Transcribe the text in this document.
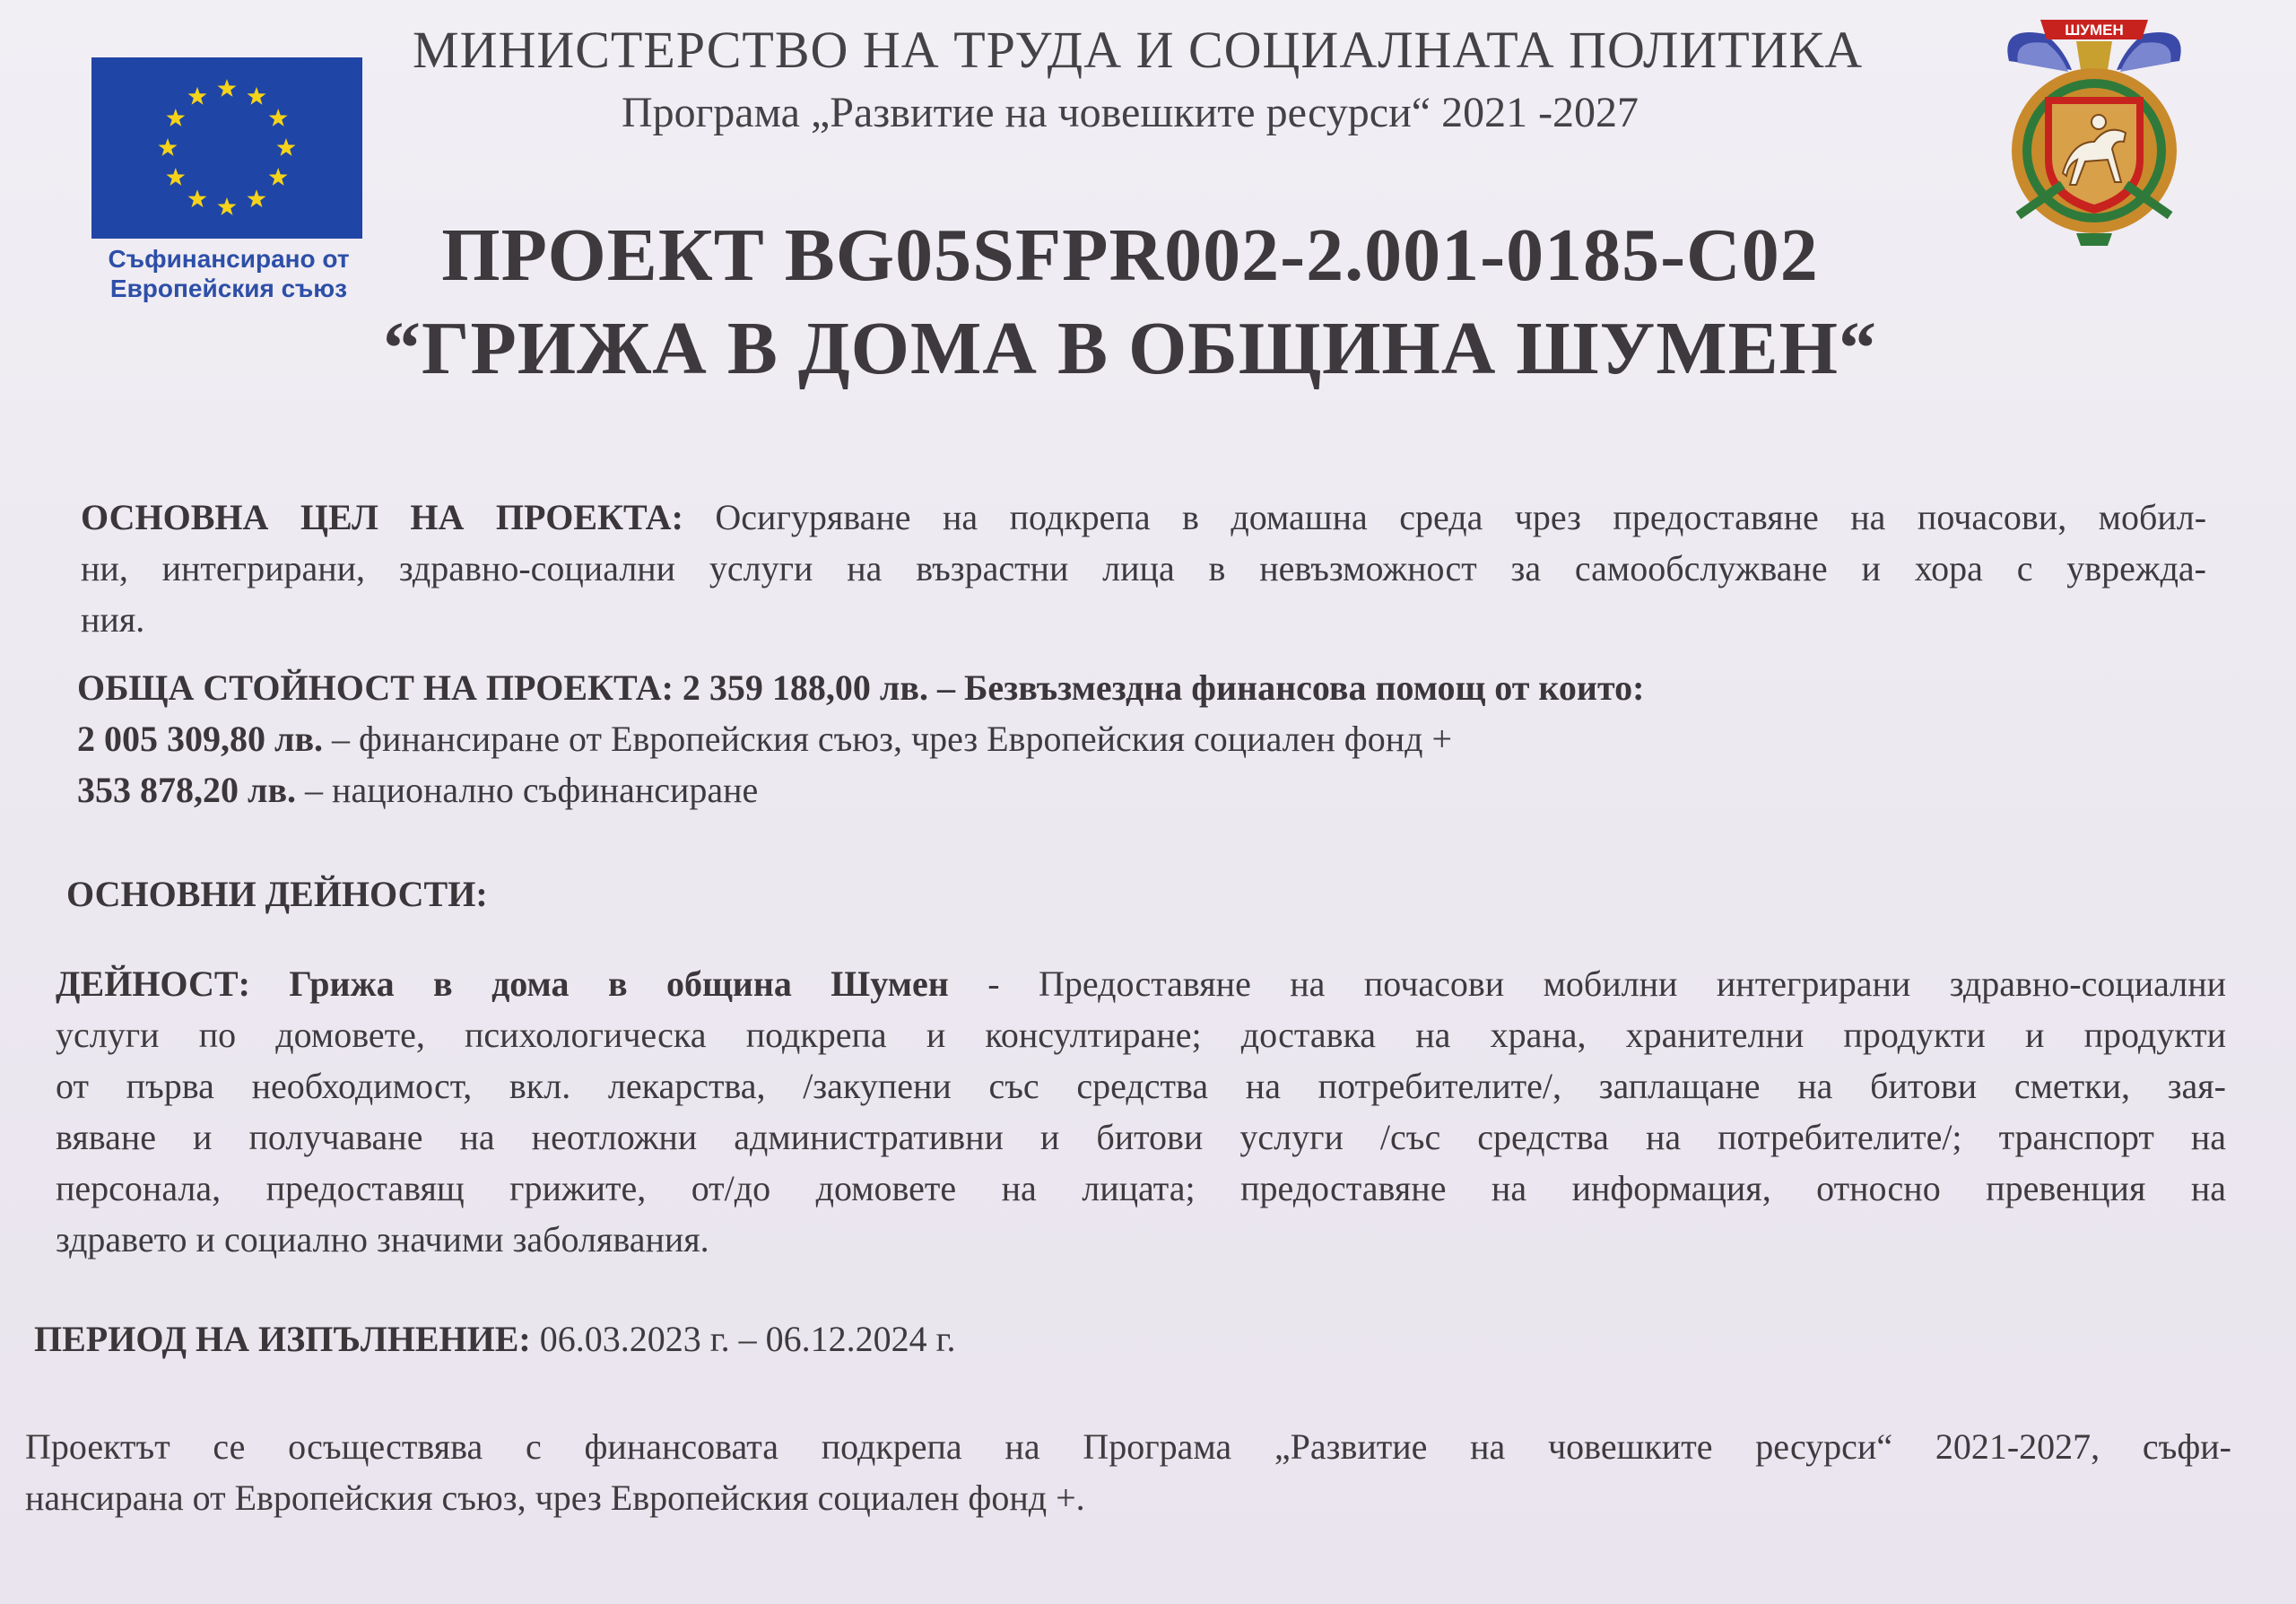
Съфинансирано от
Европейския съюз
МИНИСТЕРСТВО НА ТРУДА И СОЦИАЛНАТА ПОЛИТИКА
Програма „Развитие на човешките ресурси“ 2021 -2027
ПРОЕКТ BG05SFPR002-2.001-0185-C02
“ГРИЖА В ДОМА В ОБЩИНА ШУМЕН“
ШУМЕН
ОСНОВНА ЦЕЛ НА ПРОЕКТА: Осигуряване на подкрепа в домашна среда чрез предоставяне на почасови, мобил-
ни, интегрирани, здравно-социални услуги на възрастни лица в невъзможност за самообслужване и хора с уврежда-
ния.
ОБЩА СТОЙНОСТ НА ПРОЕКТА: 2 359 188,00 лв. – Безвъзмездна финансова помощ от които:
2 005 309,80 лв. – финансиране от Европейския съюз, чрез Европейския социален фонд +
353 878,20 лв. – национално съфинансиране
ОСНОВНИ ДЕЙНОСТИ:
ДЕЙНОСТ: Грижа в дома в община Шумен - Предоставяне на почасови мобилни интегрирани здравно-социални
услуги по домовете, психологическа подкрепа и консултиране; доставка на храна, хранителни продукти и продукти
от първа необходимост, вкл. лекарства, /закупени със средства на потребителите/, заплащане на битови сметки, зая-
вяване и получаване на неотложни административни и битови услуги /със средства на потребителите/; транспорт на
персонала, предоставящ грижите, от/до домовете на лицата; предоставяне на информация, относно превенция на
здравето и социално значими заболявания.
ПЕРИОД НА ИЗПЪЛНЕНИЕ: 06.03.2023 г. – 06.12.2024 г.
Проектът се осъществява с финансовата подкрепа на Програма „Развитие на човешките ресурси“ 2021-2027, съфи-
нансирана от Европейския съюз, чрез Европейския социален фонд +.
